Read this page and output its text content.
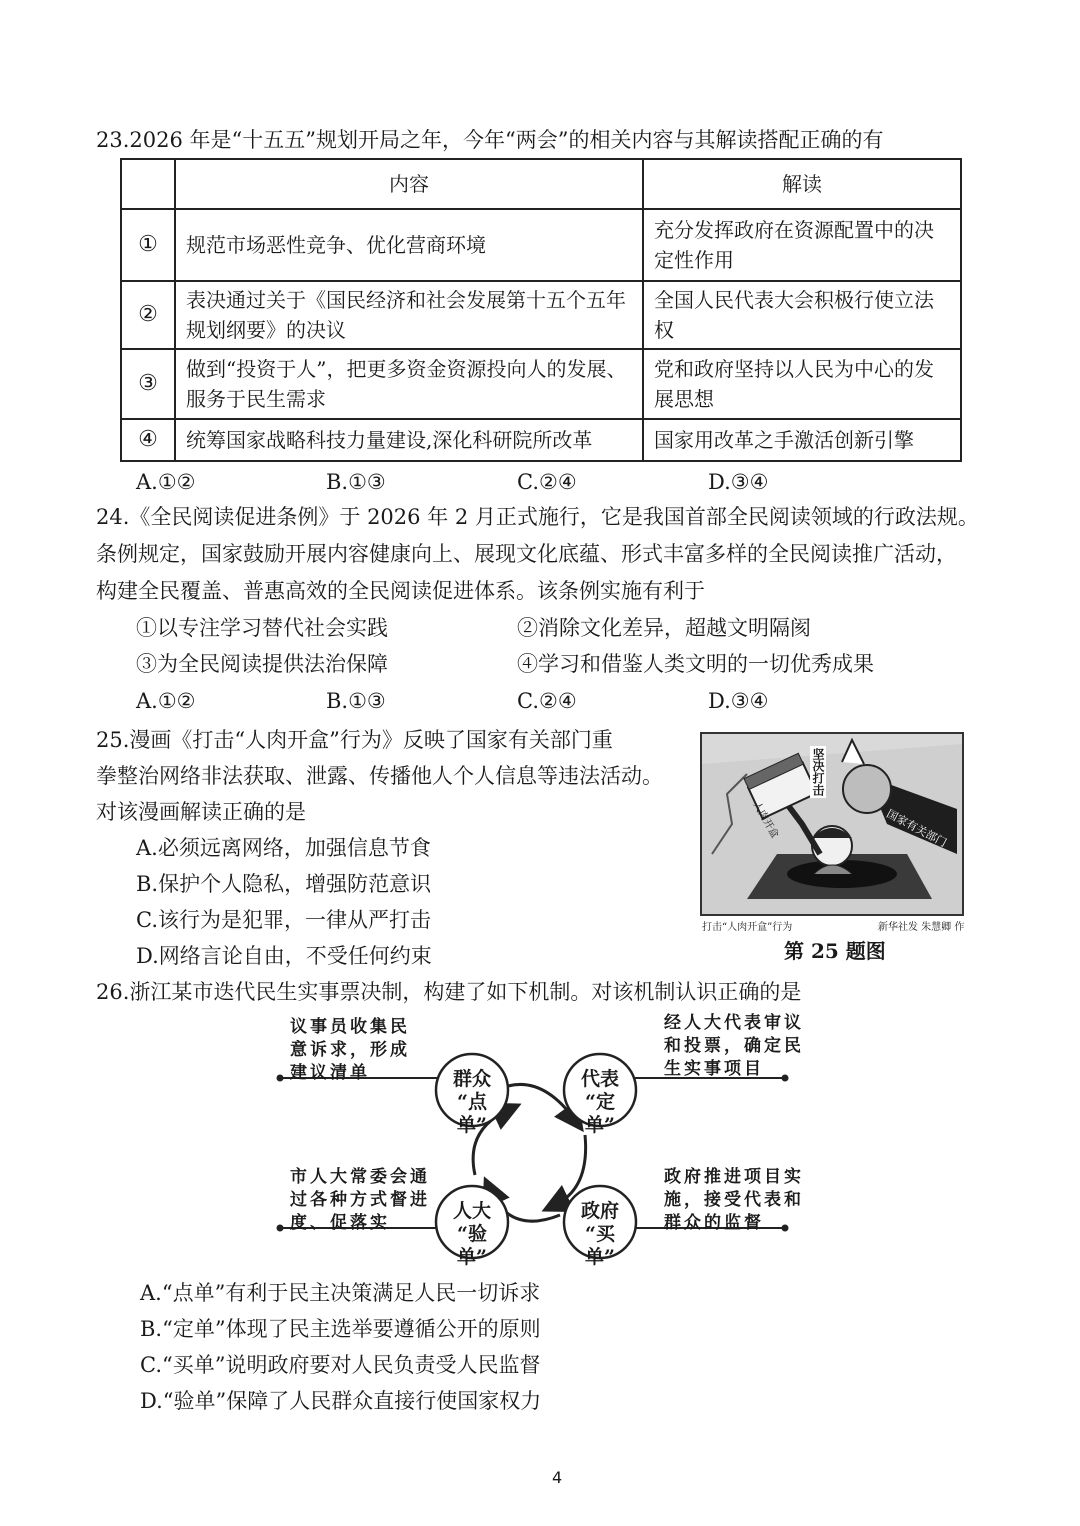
23.2026 年是“十五五”规划开局之年，今年“两会”的相关内容与其解读搭配正确的有
	内容	解读
①	规范市场恶性竞争、优化营商环境	充分发挥政府在资源配置中的决定性作用
②	表决通过关于《国民经济和社会发展第十五个五年规划纲要》的决议	全国人民代表大会积极行使立法权
③	做到“投资于人”，把更多资金资源投向人的发展、服务于民生需求	党和政府坚持以人民为中心的发展思想
④	统筹国家战略科技力量建设,深化科研院所改革	国家用改革之手激活创新引擎
A.①②	B.①③	C.②④	D.③④
24.《全民阅读促进条例》于 2026 年 2 月正式施行，它是我国首部全民阅读领域的行政法规。
条例规定，国家鼓励开展内容健康向上、展现文化底蕴、形式丰富多样的全民阅读推广活动，
构建全民覆盖、普惠高效的全民阅读促进体系。该条例实施有利于
①以专注学习替代社会实践	②消除文化差异，超越文明隔阂
③为全民阅读提供法治保障	④学习和借鉴人类文明的一切优秀成果
A.①②	B.①③	C.②④	D.③④
25.漫画《打击“人肉开盒”行为》反映了国家有关部门重
拳整治网络非法获取、泄露、传播他人个人信息等违法活动。
对该漫画解读正确的是
A.必须远离网络，加强信息节食
B.保护个人隐私，增强防范意识
C.该行为是犯罪，一律从严打击
D.网络言论自由，不受任何约束
坚决打击
国家有关部门
人肉开盒
打击“人肉开盒”行为	新华社发 朱慧卿 作
第 25 题图
26.浙江某市迭代民生实事票决制，构建了如下机制。对该机制认识正确的是
群众
“点单”
代表
“定单”
政府
“买单”
人大
“验单”
议事员收集民
意诉求，形成
建议清单
经人大代表审议
和投票，确定民
生实事项目
政府推进项目实
施，接受代表和
群众的监督
市人大常委会通
过各种方式督进
度、促落实
A.“点单”有利于民主决策满足人民一切诉求
B.“定单”体现了民主选举要遵循公开的原则
C.“买单”说明政府要对人民负责受人民监督
D.“验单”保障了人民群众直接行使国家权力
4
